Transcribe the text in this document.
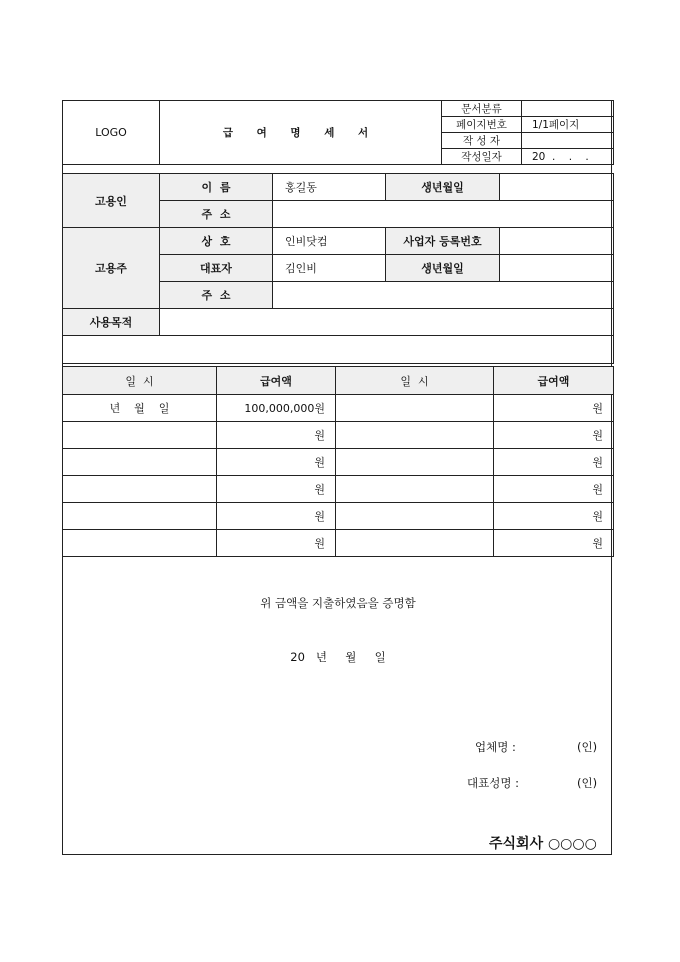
LOGO	급 여 명 세 서	문서분류	
		페이지번호	1/1페이지
		작 성 자	
		작성일자	20  .    .    .
고용인	이  름	홍길동	생년월일	
	주  소			
고용주	상  호	인비닷컴	사업자 등록번호	
	대표자	김인비	생년월일	
	주  소			
사용목적				

일  시	급여액	일  시	급여액
년    월    일	100,000,000원		원
	원		원
	원		원
	원		원
	원		원
	원		원
위 금액을 지출하였음을 증명함
20   년     월     일
업체명 :	(인)
대표성명 :	(인)
주식회사 ○○○○
